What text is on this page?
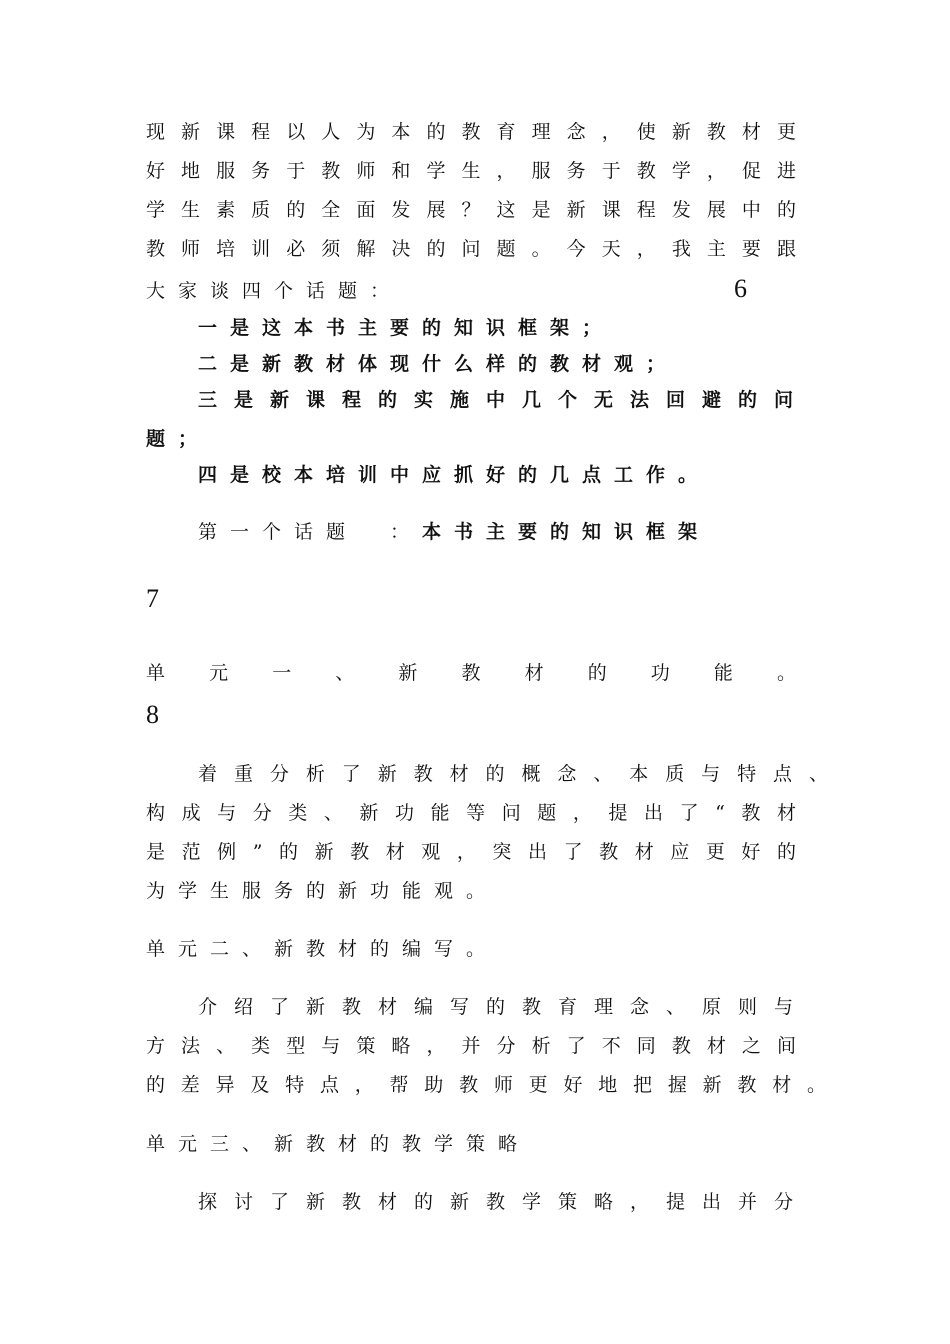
现新课程以人为本的教育理念，使新教材更
好地服务于教师和学生，服务于教学，促进
学生素质的全面发展？这是新课程发展中的
教师培训必须解决的问题。今天，我主要跟
大家谈四个话题：	6
一是这本书主要的知识框架；
二是新教材体现什么样的教材观；
三是新课程的实施中几个无法回避的问
题；
四是校本培训中应抓好的几点工作。
第一个话题　：本书主要的知识框架
7
单元一、新教材的功能。
8
着重分析了新教材的概念、本质与特点、
构成与分类、新功能等问题，提出了“教材
是范例”的新教材观，突出了教材应更好的
为学生服务的新功能观。
单元二、新教材的编写。
介绍了新教材编写的教育理念、原则与
方法、类型与策略，并分析了不同教材之间
的差异及特点，帮助教师更好地把握新教材。
单元三、新教材的教学策略
探讨了新教材的新教学策略，提出并分
